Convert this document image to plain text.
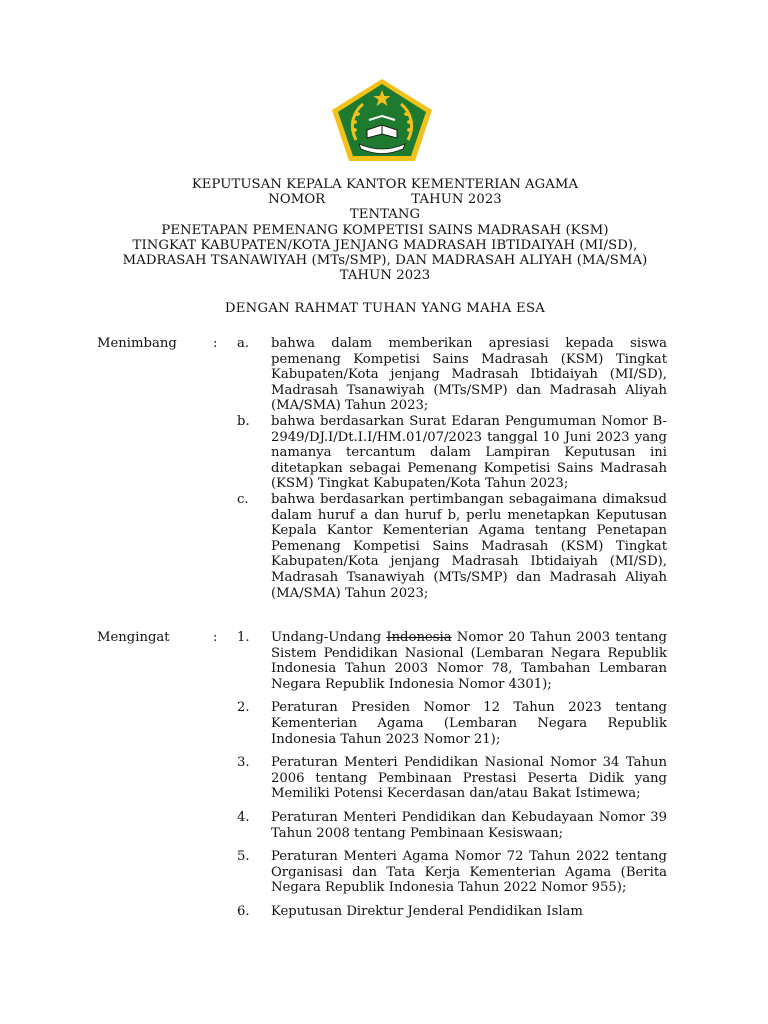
KEPUTUSAN KEPALA KANTOR KEMENTERIAN AGAMA
NOMOR	TAHUN 2023
TENTANG
PENETAPAN PEMENANG KOMPETISI SAINS MADRASAH (KSM)
TINGKAT KABUPATEN/KOTA JENJANG MADRASAH IBTIDAIYAH (MI/SD),
MADRASAH TSANAWIYAH (MTs/SMP), DAN MADRASAH ALIYAH (MA/SMA)
TAHUN 2023
DENGAN RAHMAT TUHAN YANG MAHA ESA
Menimbang	: a. bahwa dalam memberikan apresiasi kepada siswa pemenang Kompetisi Sains Madrasah (KSM) Tingkat Kabupaten/Kota jenjang Madrasah Ibtidaiyah (MI/SD), Madrasah Tsanawiyah (MTs/SMP) dan Madrasah Aliyah (MA/SMA) Tahun 2023;
b. bahwa berdasarkan Surat Edaran Pengumuman Nomor B-2949/DJ.I/Dt.I.I/HM.01/07/2023 tanggal 10 Juni 2023 yang namanya tercantum dalam Lampiran Keputusan ini ditetapkan sebagai Pemenang Kompetisi Sains Madrasah (KSM) Tingkat Kabupaten/Kota Tahun 2023;
c. bahwa berdasarkan pertimbangan sebagaimana dimaksud dalam huruf a dan huruf b, perlu menetapkan Keputusan Kepala Kantor Kementerian Agama tentang Penetapan Pemenang Kompetisi Sains Madrasah (KSM) Tingkat Kabupaten/Kota jenjang Madrasah Ibtidaiyah (MI/SD), Madrasah Tsanawiyah (MTs/SMP) dan Madrasah Aliyah (MA/SMA) Tahun 2023;
Mengingat	: 1. Undang-Undang Indonesia Nomor 20 Tahun 2003 tentang Sistem Pendidikan Nasional (Lembaran Negara Republik Indonesia Tahun 2003 Nomor 78, Tambahan Lembaran Negara Republik Indonesia Nomor 4301);
2. Peraturan Presiden Nomor 12 Tahun 2023 tentang Kementerian Agama (Lembaran Negara Republik Indonesia Tahun 2023 Nomor 21);
3. Peraturan Menteri Pendidikan Nasional Nomor 34 Tahun 2006 tentang Pembinaan Prestasi Peserta Didik yang Memiliki Potensi Kecerdasan dan/atau Bakat Istimewa;
4. Peraturan Menteri Pendidikan dan Kebudayaan Nomor 39 Tahun 2008 tentang Pembinaan Kesiswaan;
5. Peraturan Menteri Agama Nomor 72 Tahun 2022 tentang Organisasi dan Tata Kerja Kementerian Agama (Berita Negara Republik Indonesia Tahun 2022 Nomor 955);
6. Keputusan Direktur Jenderal Pendidikan Islam
